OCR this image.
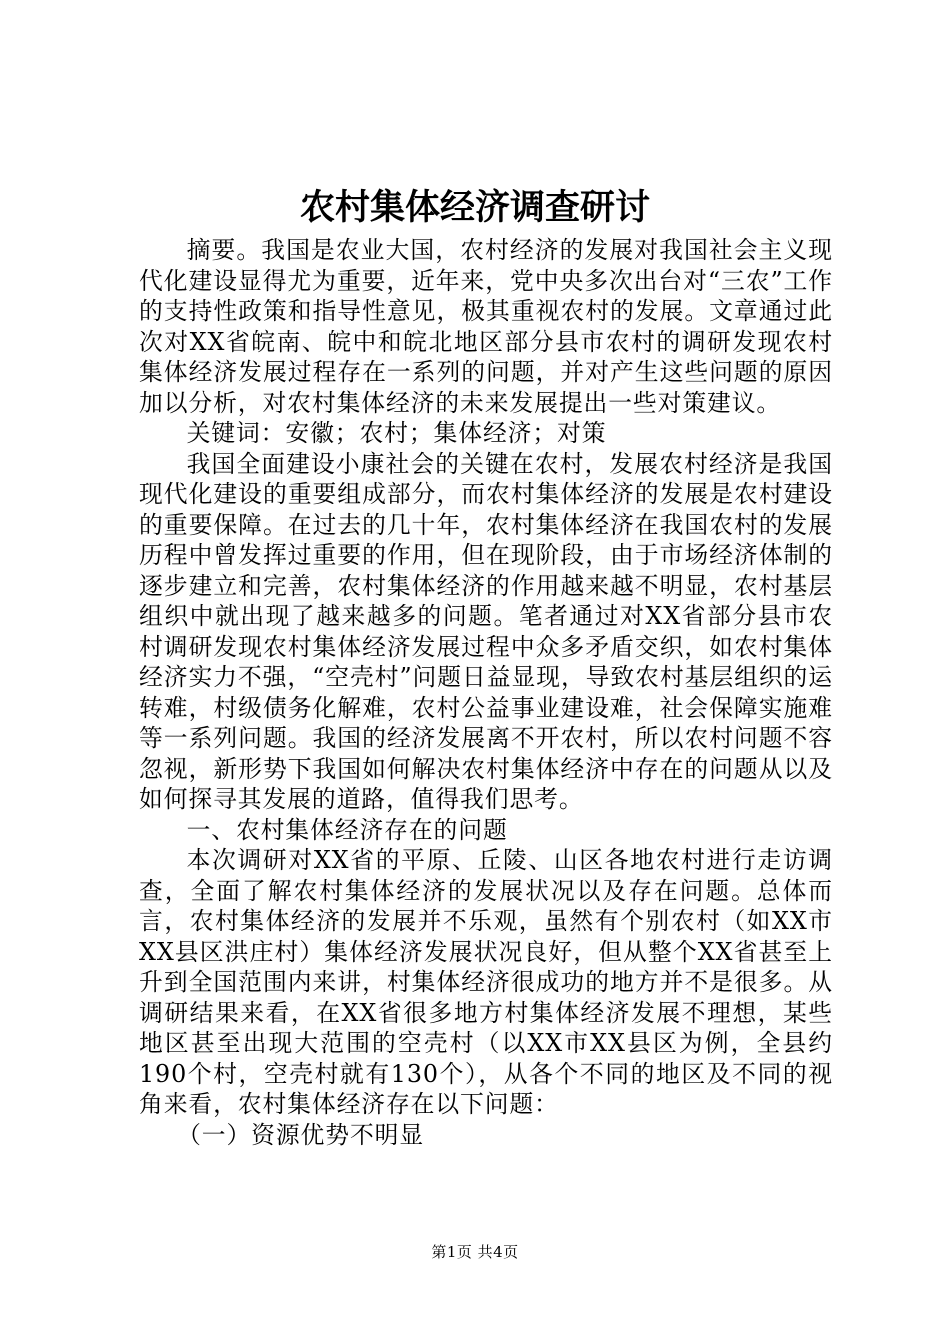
农村集体经济调查研讨

摘要。我国是农业大国，农村经济的发展对我国社会主义现代化建设显得尤为重要，近年来，党中央多次出台对“三农”工作的支持性政策和指导性意见，极其重视农村的发展。文章通过此次对XX省皖南、皖中和皖北地区部分县市农村的调研发现农村集体经济发展过程存在一系列的问题，并对产生这些问题的原因加以分析，对农村集体经济的未来发展提出一些对策建议。

关键词：安徽；农村；集体经济；对策

我国全面建设小康社会的关键在农村，发展农村经济是我国现代化建设的重要组成部分，而农村集体经济的发展是农村建设的重要保障。在过去的几十年，农村集体经济在我国农村的发展历程中曾发挥过重要的作用，但在现阶段，由于市场经济体制的逐步建立和完善，农村集体经济的作用越来越不明显，农村基层组织中就出现了越来越多的问题。笔者通过对XX省部分县市农村调研发现农村集体经济发展过程中众多矛盾交织，如农村集体经济实力不强，“空壳村”问题日益显现，导致农村基层组织的运转难，村级债务化解难，农村公益事业建设难，社会保障实施难等一系列问题。我国的经济发展离不开农村，所以农村问题不容忽视，新形势下我国如何解决农村集体经济中存在的问题从以及如何探寻其发展的道路，值得我们思考。

一、农村集体经济存在的问题

本次调研对XX省的平原、丘陵、山区各地农村进行走访调查，全面了解农村集体经济的发展状况以及存在问题。总体而言，农村集体经济的发展并不乐观，虽然有个别农村（如XX市XX县区洪庄村）集体经济发展状况良好，但从整个XX省甚至上升到全国范围内来讲，村集体经济很成功的地方并不是很多。从调研结果来看，在XX省很多地方村集体经济发展不理想，某些地区甚至出现大范围的空壳村（以XX市XX县区为例，全县约190个村，空壳村就有130个），从各个不同的地区及不同的视角来看，农村集体经济存在以下问题：

（一）资源优势不明显

第1页 共4页
